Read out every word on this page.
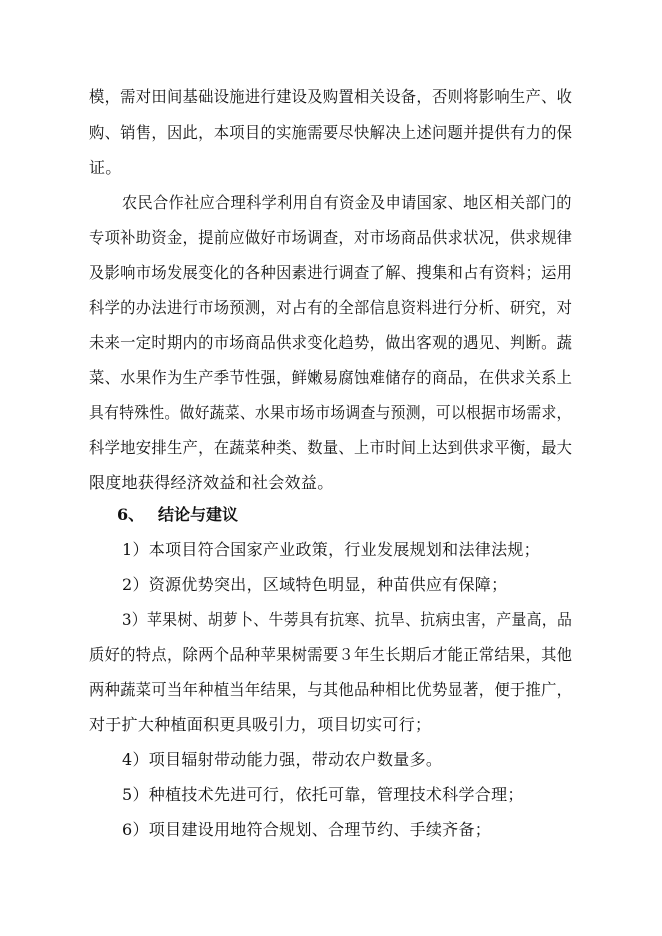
模，需对田间基础设施进行建设及购置相关设备，否则将影响生产、收
购、销售，因此，本项目的实施需要尽快解决上述问题并提供有力的保
证。
农民合作社应合理科学利用自有资金及申请国家、地区相关部门的
专项补助资金，提前应做好市场调查，对市场商品供求状况，供求规律
及影响市场发展变化的各种因素进行调查了解、搜集和占有资料；运用
科学的办法进行市场预测，对占有的全部信息资料进行分析、研究，对
未来一定时期内的市场商品供求变化趋势，做出客观的遇见、判断。蔬
菜、水果作为生产季节性强，鲜嫩易腐蚀难储存的商品，在供求关系上
具有特殊性。做好蔬菜、水果市场市场调查与预测，可以根据市场需求，
科学地安排生产，在蔬菜种类、数量、上市时间上达到供求平衡，最大
限度地获得经济效益和社会效益。
6、 结论与建议
1）本项目符合国家产业政策，行业发展规划和法律法规；
2）资源优势突出，区域特色明显，种苗供应有保障；
3）苹果树、胡萝卜、牛蒡具有抗寒、抗旱、抗病虫害，产量高，品
质好的特点，除两个品种苹果树需要３年生长期后才能正常结果，其他
两种蔬菜可当年种植当年结果，与其他品种相比优势显著，便于推广，
对于扩大种植面积更具吸引力，项目切实可行；
4）项目辐射带动能力强，带动农户数量多。
5）种植技术先进可行，依托可靠，管理技术科学合理；
6）项目建设用地符合规划、合理节约、手续齐备；
